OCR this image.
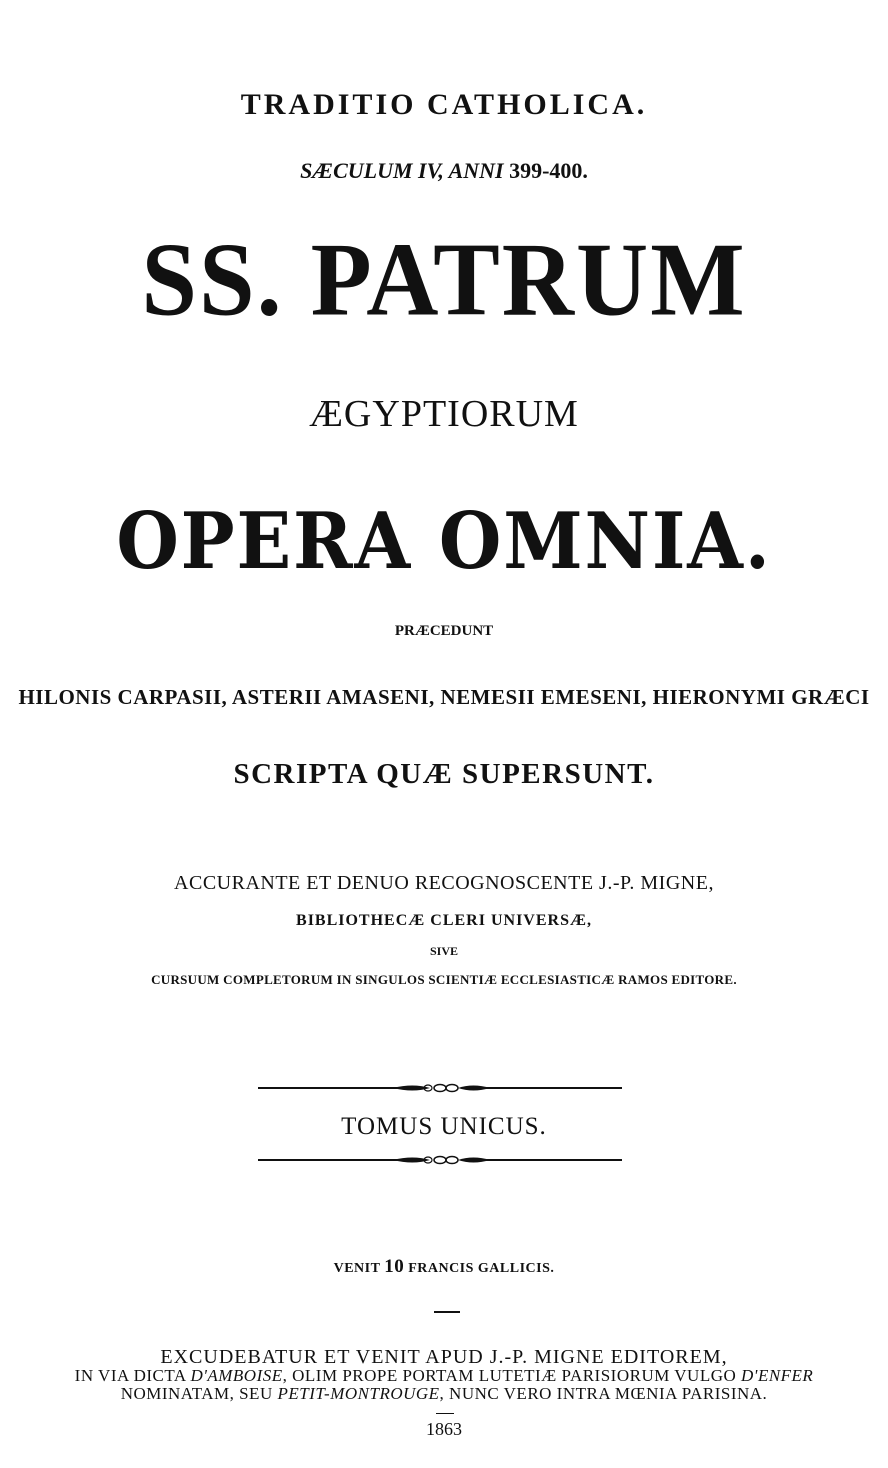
TRADITIO CATHOLICA.
SÆCULUM IV, ANNI 399-400.
SS. PATRUM
ÆGYPTIORUM
OPERA OMNIA.
PRÆCEDUNT
HILONIS CARPASII, ASTERII AMASENI, NEMESII EMESENI, HIERONYMI GRÆCI
SCRIPTA QUÆ SUPERSUNT.
ACCURANTE ET DENUO RECOGNOSCENTE J.-P. MIGNE,
BIBLIOTHECÆ CLERI UNIVERSÆ,
SIVE
CURSUUM COMPLETORUM IN SINGULOS SCIENTIÆ ECCLESIASTICÆ RAMOS EDITORE.
TOMUS UNICUS.
VENIT 10 FRANCIS GALLICIS.
EXCUDEBATUR ET VENIT APUD J.-P. MIGNE EDITOREM,
IN VIA DICTA D'AMBOISE, OLIM PROPE PORTAM LUTETIÆ PARISIORUM VULGO D'ENFER
NOMINATAM, SEU PETIT-MONTROUGE, NUNC VERO INTRA MŒNIA PARISINA.
1863
